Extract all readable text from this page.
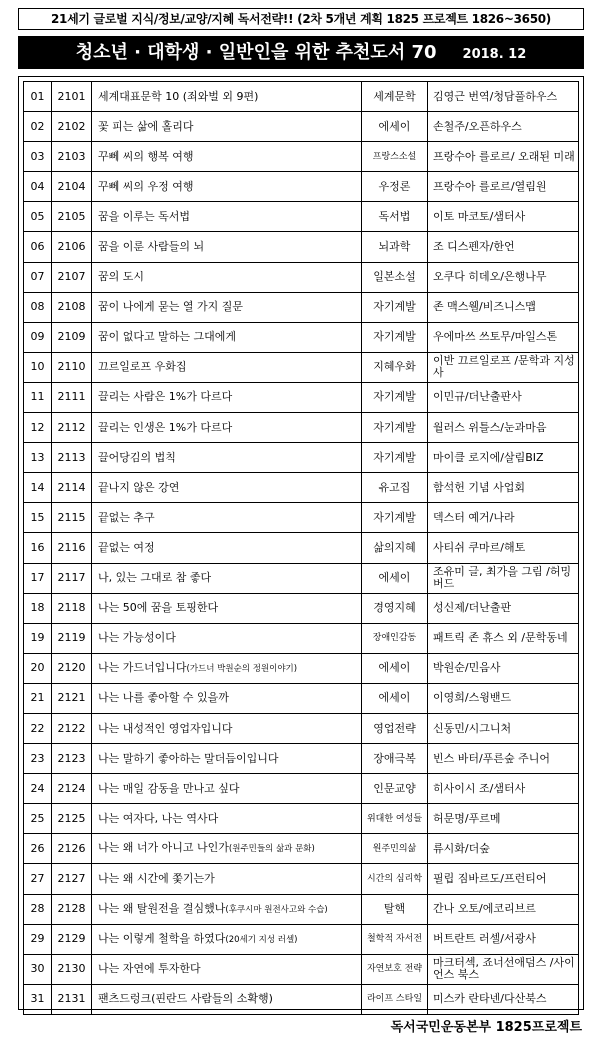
21세기 글로벌 지식/정보/교양/지혜 독서전략!! (2차 5개년 계획 1825 프로젝트 1826~3650)
청소년 · 대학생 · 일반인을 위한 추천도서 70 2018. 12
01	2101	세계대표문학 10 (죄와벌 외 9편)	세계문학	김영근 번역/청담풀하우스
02	2102	꽃 피는 삶에 홀리다	에세이	손철주/오픈하우스
03	2103	꾸뻬 씨의 행복 여행	프랑스소설	프랑수아 를로르/ 오래된 미래
04	2104	꾸뻬 씨의 우정 여행	우정론	프랑수아 를로르/열림원
05	2105	꿈을 이루는 독서법	독서법	이토 마코토/샘터사
06	2106	꿈을 이룬 사람들의 뇌	뇌과학	조 디스펜자/한언
07	2107	꿈의 도시	일본소설	오쿠다 히데오/은행나무
08	2108	꿈이 나에게 묻는 열 가지 질문	자기계발	존 맥스웰/비즈니스맵
09	2109	꿈이 없다고 말하는 그대에게	자기계발	우에마쓰 쓰토무/마일스톤
10	2110	끄르일로프 우화집	지혜우화	이반 끄르일로프 /문학과 지성사
11	2111	끌리는 사람은 1%가 다르다	자기계발	이민규/더난출판사
12	2112	끌리는 인생은 1%가 다르다	자기계발	월러스 위틀스/눈과마음
13	2113	끌어당김의 법칙	자기계발	마이클 로지에/살림BIZ
14	2114	끝나지 않은 강연	유고집	함석헌 기념 사업회
15	2115	끝없는 추구	자기계발	덱스터 예거/나라
16	2116	끝없는 여정	삶의지혜	사티쉬 쿠마르/해토
17	2117	나, 있는 그대로 참 좋다	에세이	조유미 글, 최가을 그림 /허밍버드
18	2118	나는 50에 꿈을 토핑한다	경영지혜	성신제/더난출판
19	2119	나는 가능성이다	장애인감동	패트릭 존 휴스 외 /문학동네
20	2120	나는 가드너입니다(가드너 박원순의 정원이야기)	에세이	박원순/민음사
21	2121	나는 나를 좋아할 수 있을까	에세이	이영희/스윙밴드
22	2122	나는 내성적인 영업자입니다	영업전략	신동민/시그니처
23	2123	나는 말하기 좋아하는 말더듬이입니다	장애극복	빈스 바터/푸른숲 주니어
24	2124	나는 매일 감동을 만나고 싶다	인문교양	히사이시 조/샘터사
25	2125	나는 여자다, 나는 역사다	위대한 여성들	허문명/푸르메
26	2126	나는 왜 너가 아니고 나인가(원주민들의 삶과 문화)	원주민의삶	류시화/더숲
27	2127	나는 왜 시간에 쫓기는가	시간의 심리학	필립 짐바르도/프런티어
28	2128	나는 왜 탈원전을 결심했나(후쿠시마 원전사고와 수습)	탈핵	간나 오토/에코리브르
29	2129	나는 이렇게 철학을 하였다(20세기 지성 러셀)	철학적 자서전	버트란트 러셀/서광사
30	2130	나는 자연에 투자한다	자연보호 전략	마크터섹, 죠너선애덤스 /사이언스 북스
31	2131	팬츠드렁크(핀란드 사람들의 소확행)	라이프 스타일	미스카 란타넨/다산북스
독서국민운동본부 1825프로젝트
